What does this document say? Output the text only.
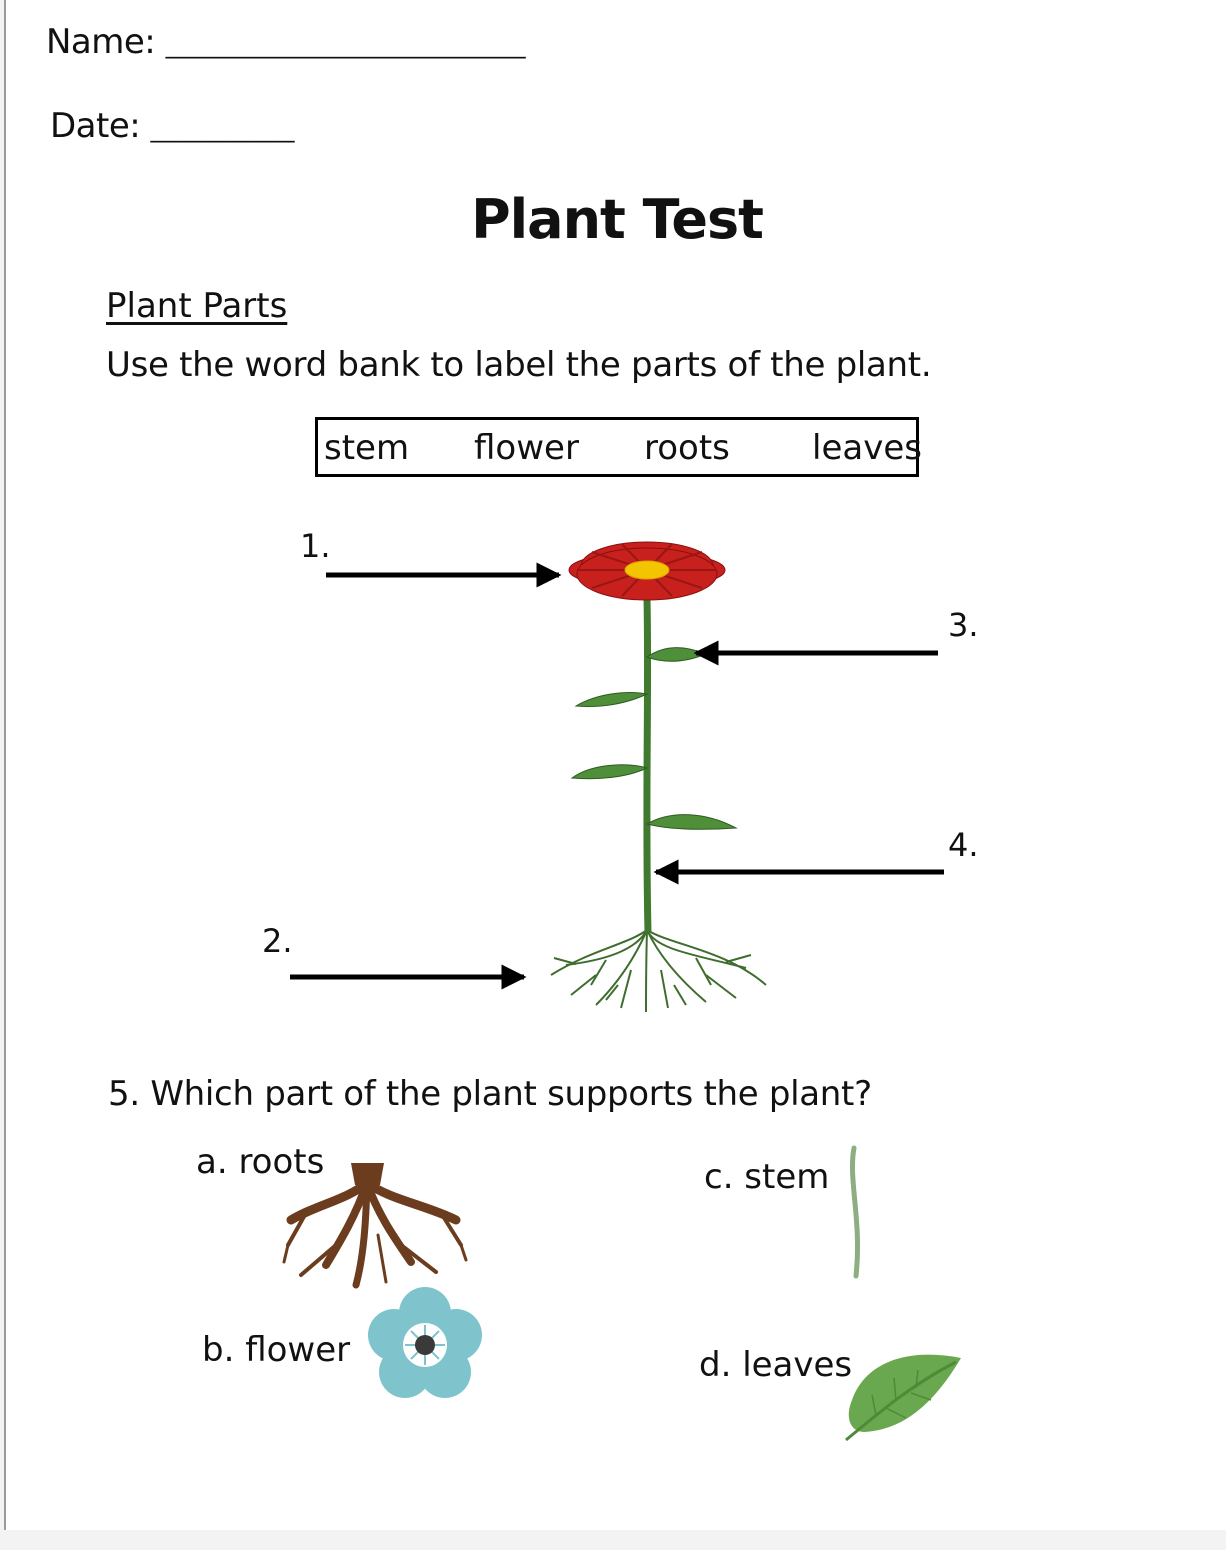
Name: ______________________________
Date: ____________
Plant Test
Plant Parts
Use the word bank to label the parts of the plant.
stem flower roots leaves
1.
2.
3.
4.
5. Which part of the plant supports the plant?
a. roots
b. flower
c. stem
d. leaves
